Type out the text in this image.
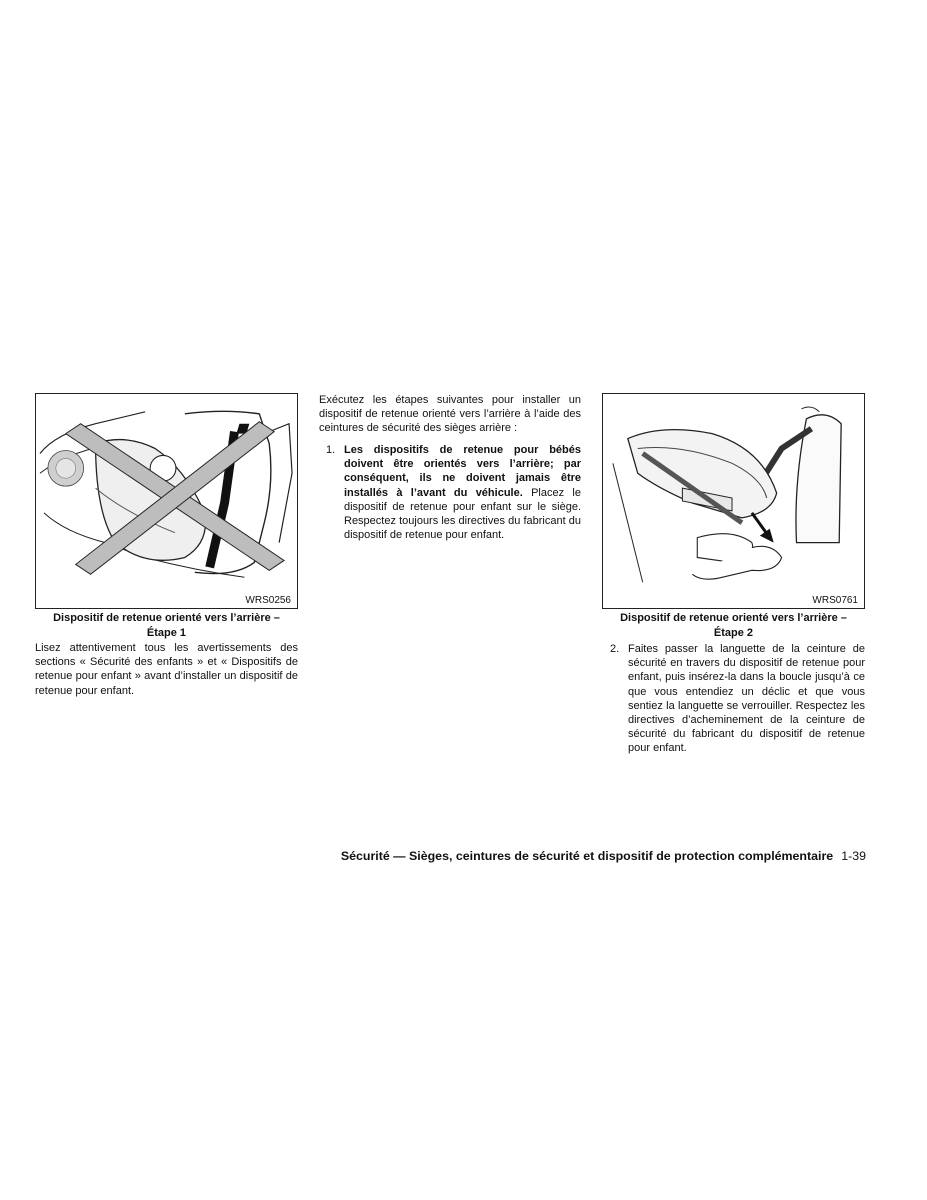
WRS0256
Dispositif de retenue orienté vers l’arrière –
Étape 1

Lisez attentivement tous les avertissements des sections « Sécurité des enfants » et « Dispositifs de retenue pour enfant » avant d’installer un dispositif de retenue pour enfant.

Exécutez les étapes suivantes pour installer un dispositif de retenue orienté vers l’arrière à l’aide des ceintures de sécurité des sièges arrière :

1. Les dispositifs de retenue pour bébés doivent être orientés vers l’arrière; par conséquent, ils ne doivent jamais être installés à l’avant du véhicule. Placez le dispositif de retenue pour enfant sur le siège. Respectez toujours les directives du fabricant du dispositif de retenue pour enfant.

WRS0761
Dispositif de retenue orienté vers l’arrière –
Étape 2

2. Faites passer la languette de la ceinture de sécurité en travers du dispositif de retenue pour enfant, puis insérez-la dans la boucle jusqu’à ce que vous entendiez un déclic et que vous sentiez la languette se verrouiller. Respectez les directives d’acheminement de la ceinture de sécurité du fabricant du dispositif de retenue pour enfant.

Sécurité — Sièges, ceintures de sécurité et dispositif de protection complémentaire 1-39
